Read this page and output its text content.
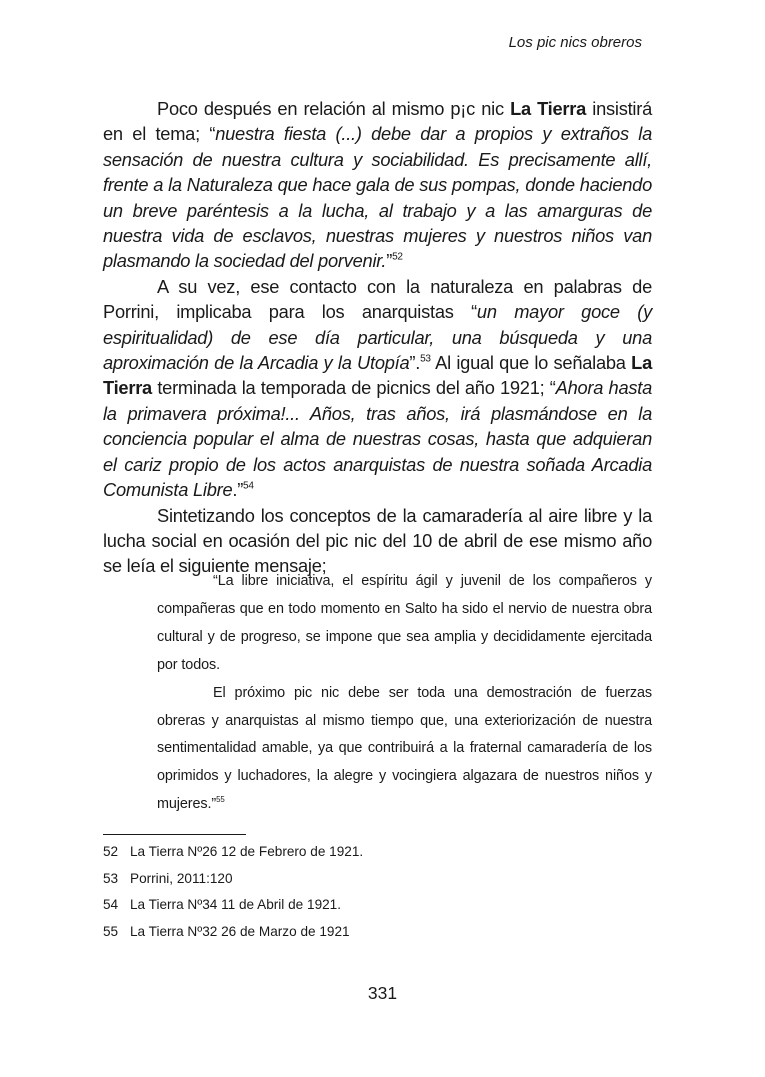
Los pic nics obreros

Poco después en relación al mismo p¡c nic La Tierra insistirá en el tema; “nuestra fiesta (...) debe dar a propios y extraños la sensación de nuestra cultura y sociabilidad. Es precisamente allí, frente a la Naturaleza que hace gala de sus pompas, donde haciendo un breve paréntesis a la lucha, al trabajo y a las amarguras de nuestra vida de esclavos, nuestras mujeres y nuestros niños van plasmando la sociedad del porvenir.”$^{52}$

A su vez, ese contacto con la naturaleza en palabras de Porrini, implicaba para los anarquistas “un mayor goce (y espiritualidad) de ese día particular, una búsqueda y una aproximación de la Arcadia y la Utopía”.$^{53}$ Al igual que lo señalaba La Tierra terminada la temporada de picnics del año 1921; “Ahora hasta la primavera próxima!... Años, tras años, irá plasmándose en la conciencia popular el alma de nuestras cosas, hasta que adquieran el cariz propio de los actos anarquistas de nuestra soñada Arcadia Comunista Libre.”$^{54}$

Sintetizando los conceptos de la camaradería al aire libre y la lucha social en ocasión del pic nic del 10 de abril de ese mismo año se leía el siguiente mensaje;

“La libre iniciativa, el espíritu ágil y juvenil de los compañeros y compañeras que en todo momento en Salto ha sido el nervio de nuestra obra cultural y de progreso, se impone que sea amplia y decididamente ejercitada por todos.

El próximo pic nic debe ser toda una demostración de fuerzas obreras y anarquistas al mismo tiempo que, una exteriorización de nuestra sentimentalidad amable, ya que contribuirá a la fraternal camaradería de los oprimidos y luchadores, la alegre y vocingiera algazara de nuestros niños y mujeres.”$^{55}$

52 La Tierra Nº26 12 de Febrero de 1921.
53 Porrini, 2011:120
54 La Tierra Nº34 11 de Abril de 1921.
55 La Tierra Nº32 26 de Marzo de 1921
331
